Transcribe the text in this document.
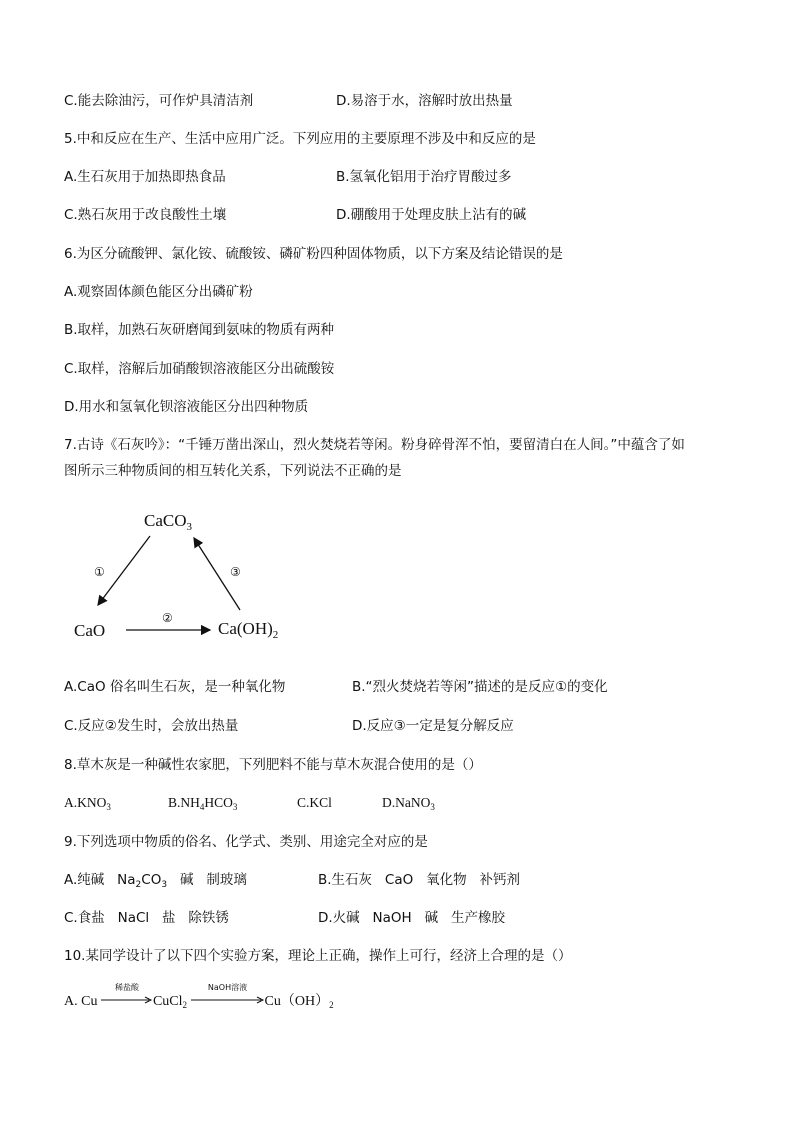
C.能去除油污，可作炉具清洁剂	D.易溶于水，溶解时放出热量
5.中和反应在生产、生活中应用广泛。下列应用的主要原理不涉及中和反应的是
A.生石灰用于加热即热食品	B.氢氧化铝用于治疗胃酸过多
C.熟石灰用于改良酸性土壤	D.硼酸用于处理皮肤上沾有的碱
6.为区分硫酸钾、氯化铵、硫酸铵、磷矿粉四种固体物质，以下方案及结论错误的是
A.观察固体颜色能区分出磷矿粉
B.取样，加熟石灰研磨闻到氨味的物质有两种
C.取样，溶解后加硝酸钡溶液能区分出硫酸铵
D.用水和氢氧化钡溶液能区分出四种物质
7.古诗《石灰吟》：“千锤万凿出深山，烈火焚烧若等闲。粉身碎骨浑不怕，要留清白在人间。”中蕴含了如
图所示三种物质间的相互转化关系，下列说法不正确的是
CaCO$_3$
CaO	$Ca(OH)_2$
①
②
③
A.CaO 俗名叫生石灰，是一种氧化物	B.“烈火焚烧若等闲”描述的是反应①的变化
C.反应②发生时，会放出热量	D.反应③一定是复分解反应
8.草木灰是一种碱性农家肥，下列肥料不能与草木灰混合使用的是（）
$A.KNO_3$	$B.NH_4HCO_3$	C.KCl	D.NaNO$_3$
9.下列选项中物质的俗名、化学式、类别、用途完全对应的是
A.纯碱   $Na_2CO_3$   碱   制玻璃	B.生石灰   CaO   氧化物   补钙剂
C.食盐   NaCl   盐   除铁锈	D.火碱   NaOH   碱   生产橡胶
10.某同学设计了以下四个实验方案，理论上正确，操作上可行，经济上合理的是（）
A. Cu
稀盐酸
CuCl$_2$
NaOH溶液
$Cu(OH)_2$
